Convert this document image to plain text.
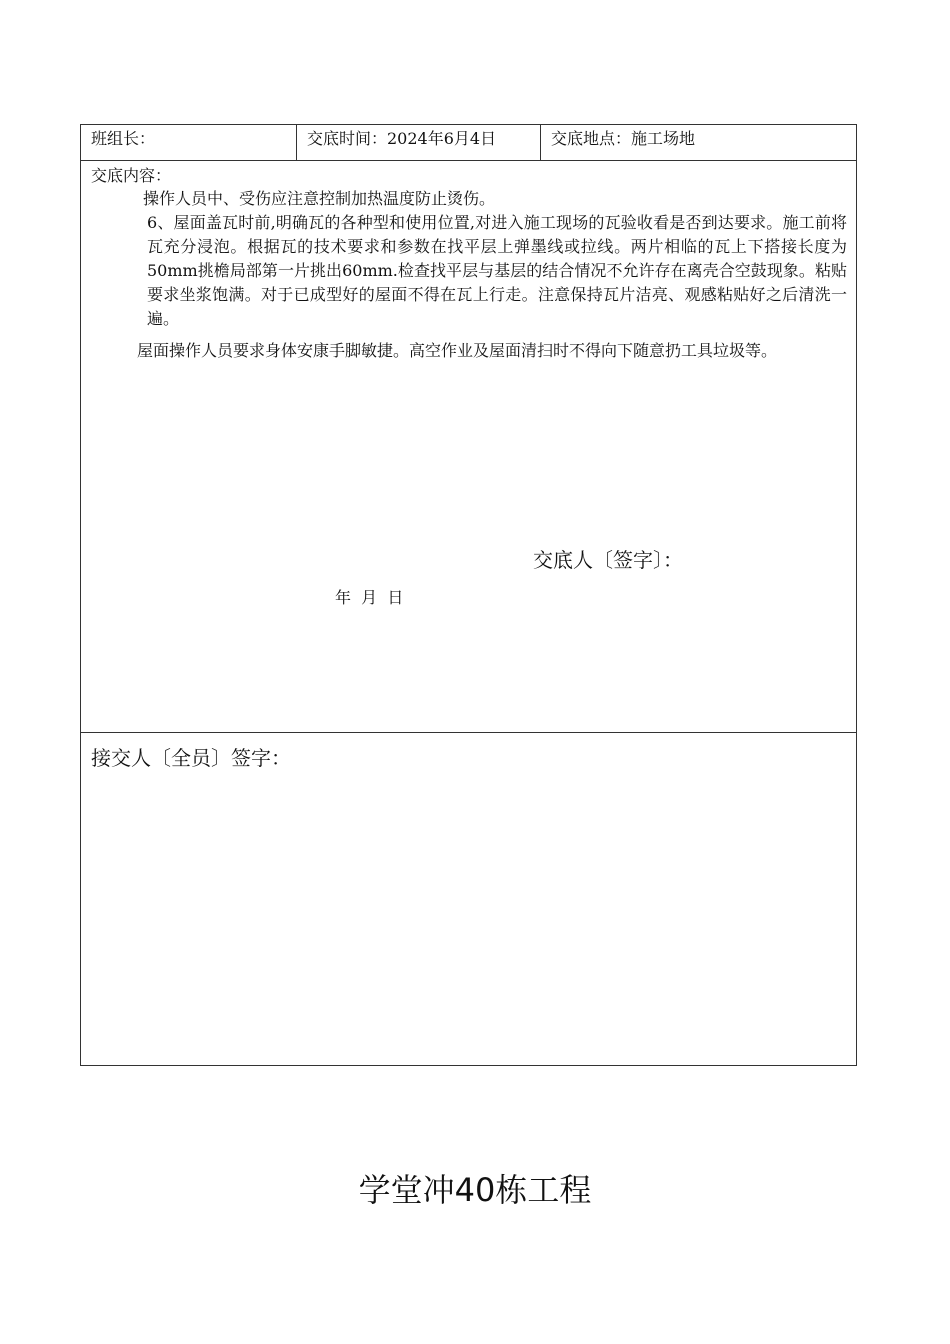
班组长：	交底时间：2024年6月4日	交底地点：施工场地
交底内容：
操作人员中、受伤应注意控制加热温度防止烫伤。
6、屋面盖瓦时前,明确瓦的各种型和使用位置,对进入施工现场的瓦验收看是否到达要求。施工前将瓦充分浸泡。根据瓦的技术要求和参数在找平层上弹墨线或拉线。两片相临的瓦上下搭接长度为50mm挑檐局部第一片挑出60mm.检查找平层与基层的结合情况不允许存在离壳合空鼓现象。粘贴要求坐浆饱满。对于已成型好的屋面不得在瓦上行走。注意保持瓦片洁亮、观感粘贴好之后清洗一遍。
屋面操作人员要求身体安康手脚敏捷。高空作业及屋面清扫时不得向下随意扔工具垃圾等。
交底人〔签字〕：
年  月  日
接交人〔全员〕签字：
学堂冲40栋工程
